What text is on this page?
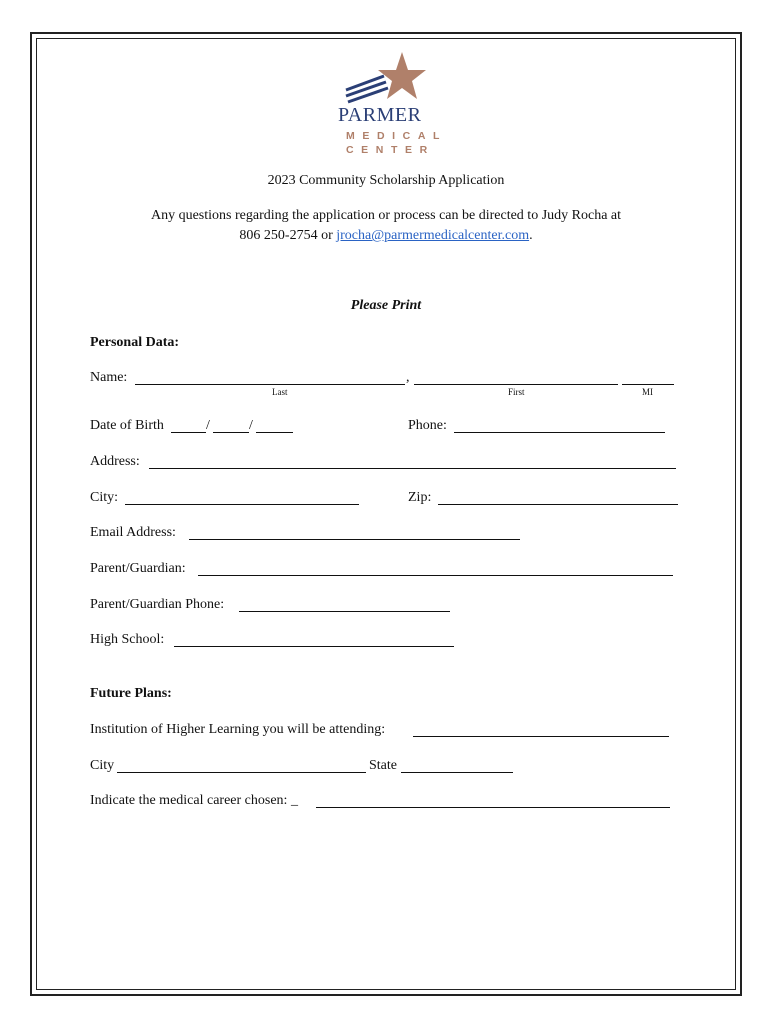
PARMER
MEDICAL
CENTER
2023 Community Scholarship Application
Any questions regarding the application or process can be directed to Judy Rocha at
806 250-2754 or jrocha@parmermedicalcenter.com.
Please Print
Personal Data:
Name:	,
Last	First	MI
Date of Birth	/	/	Phone:
Address:
City:	Zip:
Email Address:
Parent/Guardian:
Parent/Guardian Phone:
High School:
Future Plans:
Institution of Higher Learning you will be attending:
City	State
Indicate the medical career chosen: _
